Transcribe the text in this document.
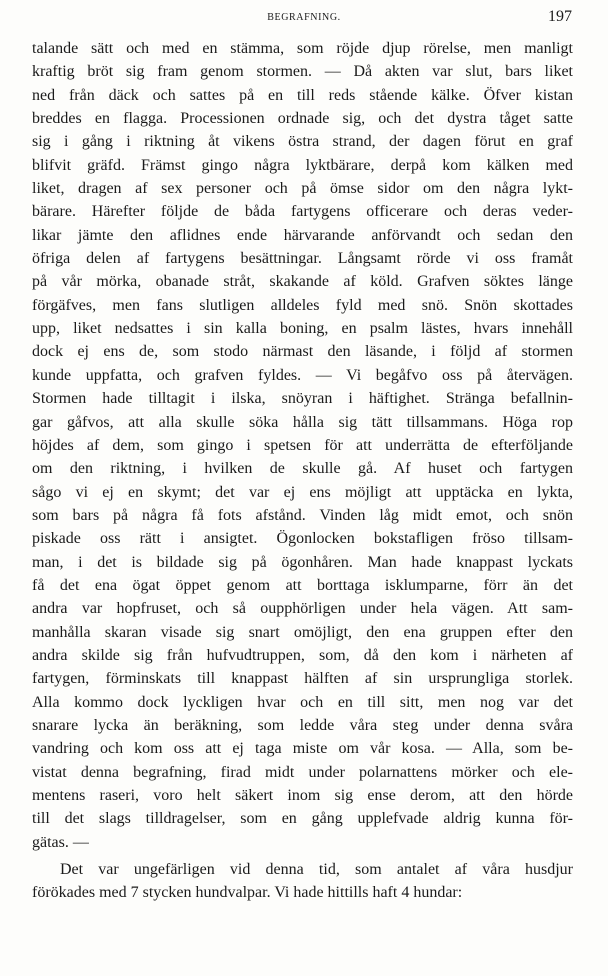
BEGRAFNING.	197
talande sätt och med en stämma, som röjde djup rörelse, men manligt
kraftig bröt sig fram genom stormen. — Då akten var slut, bars liket
ned från däck och sattes på en till reds stående kälke. Öfver kistan
breddes en flagga. Processionen ordnade sig, och det dystra tåget satte
sig i gång i riktning åt vikens östra strand, der dagen förut en graf
blifvit gräfd. Främst gingo några lyktbärare, derpå kom kälken med
liket, dragen af sex personer och på ömse sidor om den några lykt-
bärare. Härefter följde de båda fartygens officerare och deras veder-
likar jämte den aflidnes ende härvarande anförvandt och sedan den
öfriga delen af fartygens besättningar. Långsamt rörde vi oss framåt
på vår mörka, obanade stråt, skakande af köld. Grafven söktes länge
förgäfves, men fans slutligen alldeles fyld med snö. Snön skottades
upp, liket nedsattes i sin kalla boning, en psalm lästes, hvars innehåll
dock ej ens de, som stodo närmast den läsande, i följd af stormen
kunde uppfatta, och grafven fyldes. — Vi begåfvo oss på återvägen.
Stormen hade tilltagit i ilska, snöyran i häftighet. Stränga befallnin-
gar gåfvos, att alla skulle söka hålla sig tätt tillsammans. Höga rop
höjdes af dem, som gingo i spetsen för att underrätta de efterföljande
om den riktning, i hvilken de skulle gå. Af huset och fartygen
sågo vi ej en skymt; det var ej ens möjligt att upptäcka en lykta,
som bars på några få fots afstånd. Vinden låg midt emot, och snön
piskade oss rätt i ansigtet. Ögonlocken bokstafligen fröso tillsam-
man, i det is bildade sig på ögonhåren. Man hade knappast lyckats
få det ena ögat öppet genom att borttaga isklumparne, förr än det
andra var hopfruset, och så oupphörligen under hela vägen. Att sam-
manhålla skaran visade sig snart omöjligt, den ena gruppen efter den
andra skilde sig från hufvudtruppen, som, då den kom i närheten af
fartygen, förminskats till knappast hälften af sin ursprungliga storlek.
Alla kommo dock lyckligen hvar och en till sitt, men nog var det
snarare lycka än beräkning, som ledde våra steg under denna svåra
vandring och kom oss att ej taga miste om vår kosa. — Alla, som be-
vistat denna begrafning, firad midt under polarnattens mörker och ele-
mentens raseri, voro helt säkert inom sig ense derom, att den hörde
till det slags tilldragelser, som en gång upplefvade aldrig kunna för-
gätas. —
Det var ungefärligen vid denna tid, som antalet af våra husdjur
förökades med 7 stycken hundvalpar. Vi hade hittills haft 4 hundar:
